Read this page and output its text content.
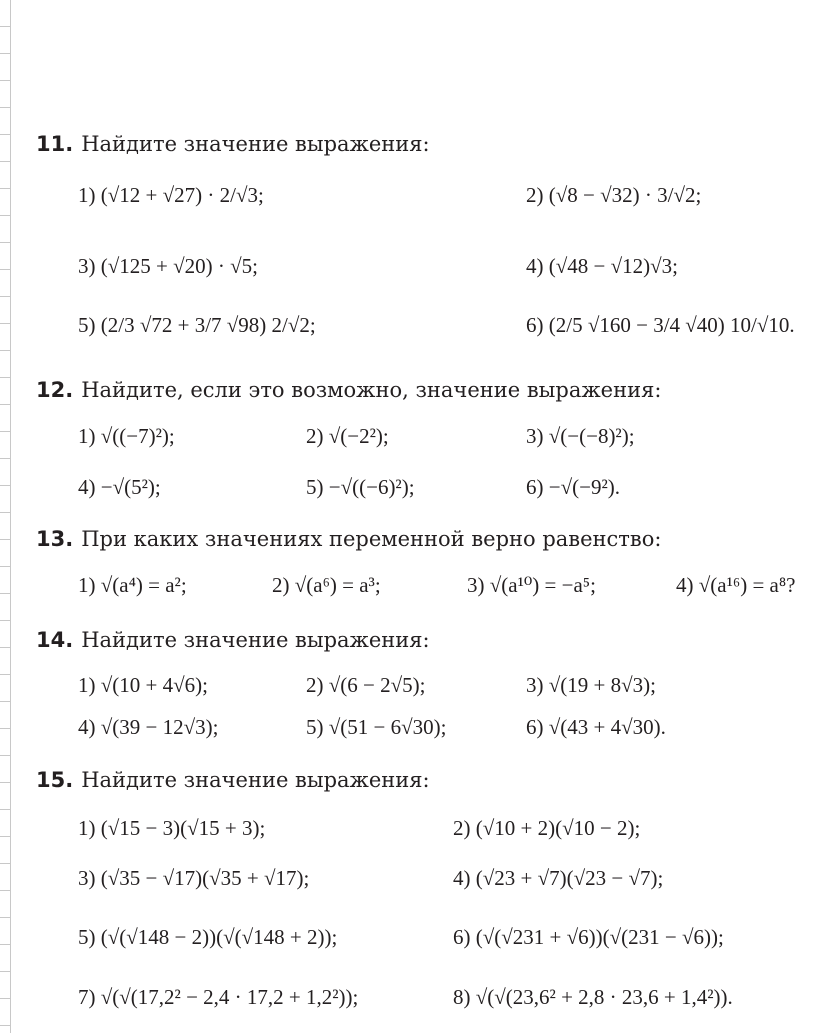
11. Найдите значение выражения:
1) (√12 + √27) · 2/√3;	2) (√8 − √32) · 3/√2;
3) (√125 + √20) · √5;	4) (√48 − √12)√3;
5) (2/3 √72 + 3/7 √98) 2/√2;	6) (2/5 √160 − 3/4 √40) 10/√10.
12. Найдите, если это возможно, значение выражения:
1) √((−7)²);	2) √(−2²);	3) √(−(−8)²);
4) −√(5²);	5) −√((−6)²);	6) −√(−9²).
13. При каких значениях переменной верно равенство:
1) √(a⁴) = a²;	2) √(a⁶) = a³;	3) √(a¹⁰) = −a⁵;	4) √(a¹⁶) = a⁸?
14. Найдите значение выражения:
1) √(10 + 4√6);	2) √(6 − 2√5);	3) √(19 + 8√3);
4) √(39 − 12√3);	5) √(51 − 6√30);	6) √(43 + 4√30).
15. Найдите значение выражения:
1) (√15 − 3)(√15 + 3);	2) (√10 + 2)(√10 − 2);
3) (√35 − √17)(√35 + √17);	4) (√23 + √7)(√23 − √7);
5) (√(√148 − 2))(√(√148 + 2));	6) (√(√231 + √6))(√(231 − √6));
7) √(√(17,2² − 2,4 · 17,2 + 1,2²));	8) √(√(23,6² + 2,8 · 23,6 + 1,4²)).
